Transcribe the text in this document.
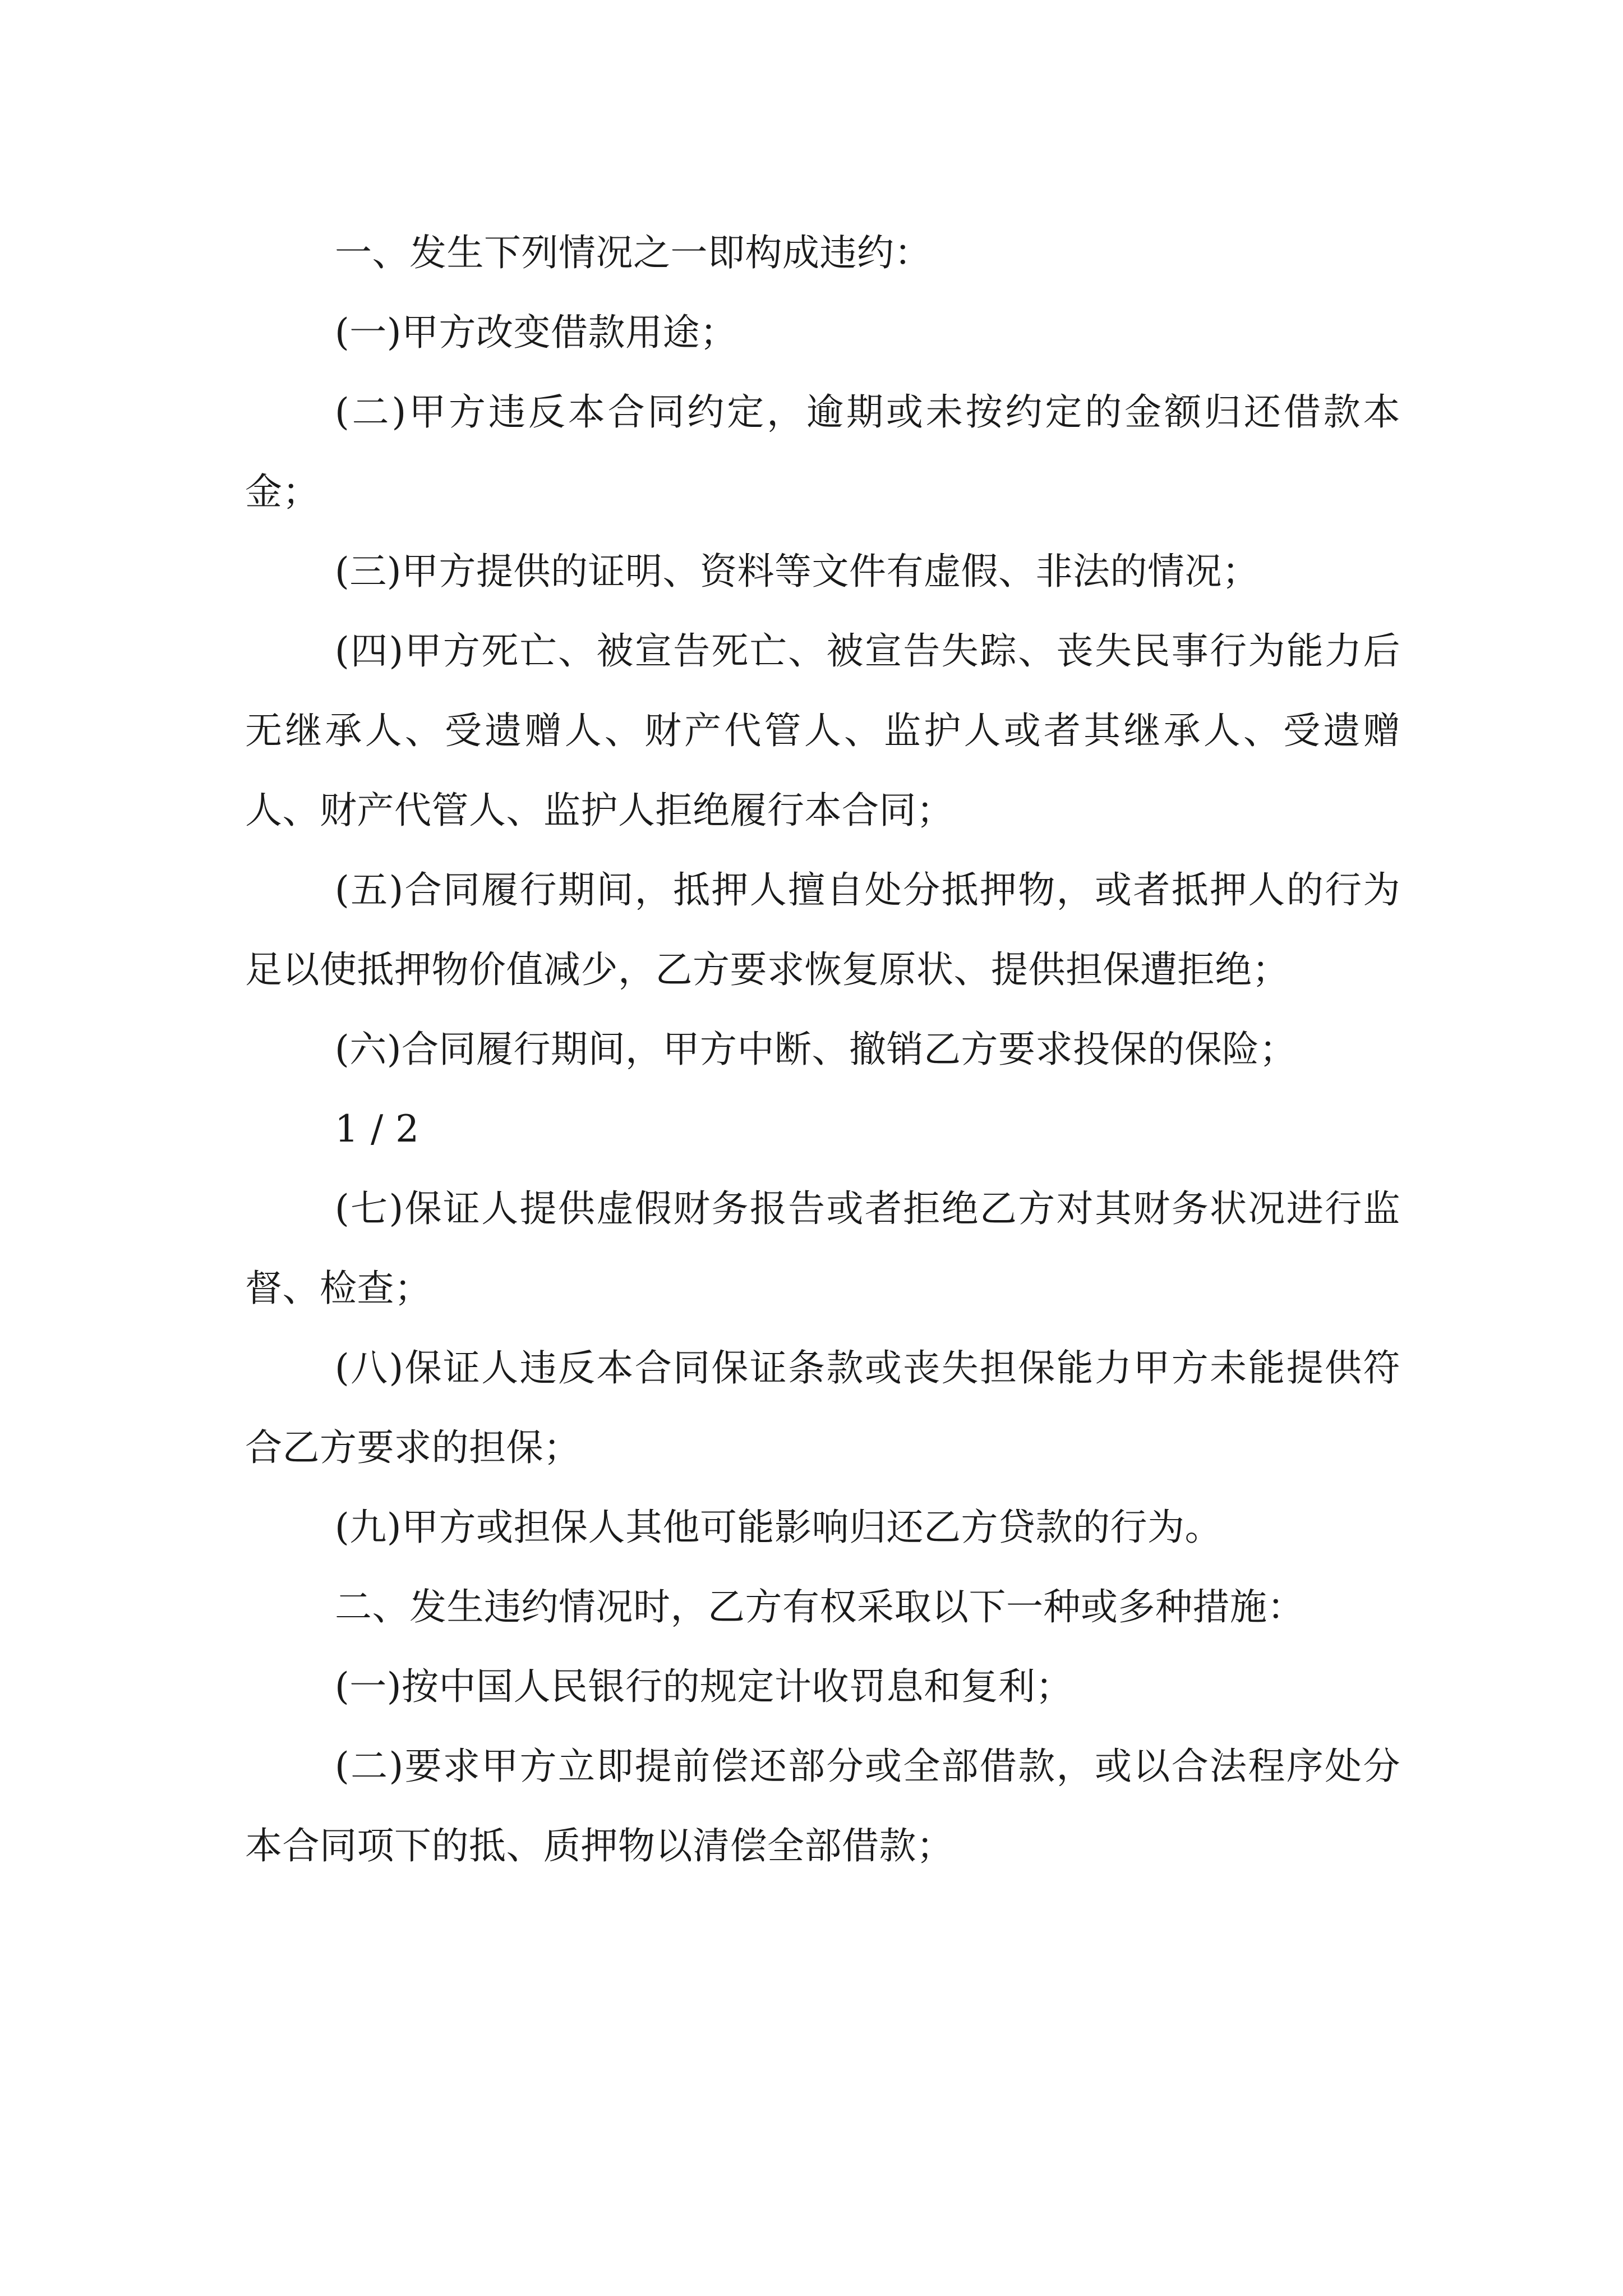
一、发生下列情况之一即构成违约：

(一)甲方改变借款用途；

(二)甲方违反本合同约定，逾期或未按约定的金额归还借款本金；

(三)甲方提供的证明、资料等文件有虚假、非法的情况；

(四)甲方死亡、被宣告死亡、被宣告失踪、丧失民事行为能力后无继承人、受遗赠人、财产代管人、监护人或者其继承人、受遗赠人、财产代管人、监护人拒绝履行本合同；

(五)合同履行期间，抵押人擅自处分抵押物，或者抵押人的行为足以使抵押物价值减少，乙方要求恢复原状、提供担保遭拒绝；

(六)合同履行期间，甲方中断、撤销乙方要求投保的保险；

1 / 2

(七)保证人提供虚假财务报告或者拒绝乙方对其财务状况进行监督、检查；

(八)保证人违反本合同保证条款或丧失担保能力甲方未能提供符合乙方要求的担保；

(九)甲方或担保人其他可能影响归还乙方贷款的行为。

二、发生违约情况时，乙方有权采取以下一种或多种措施：

(一)按中国人民银行的规定计收罚息和复利；

(二)要求甲方立即提前偿还部分或全部借款，或以合法程序处分本合同项下的抵、质押物以清偿全部借款；
